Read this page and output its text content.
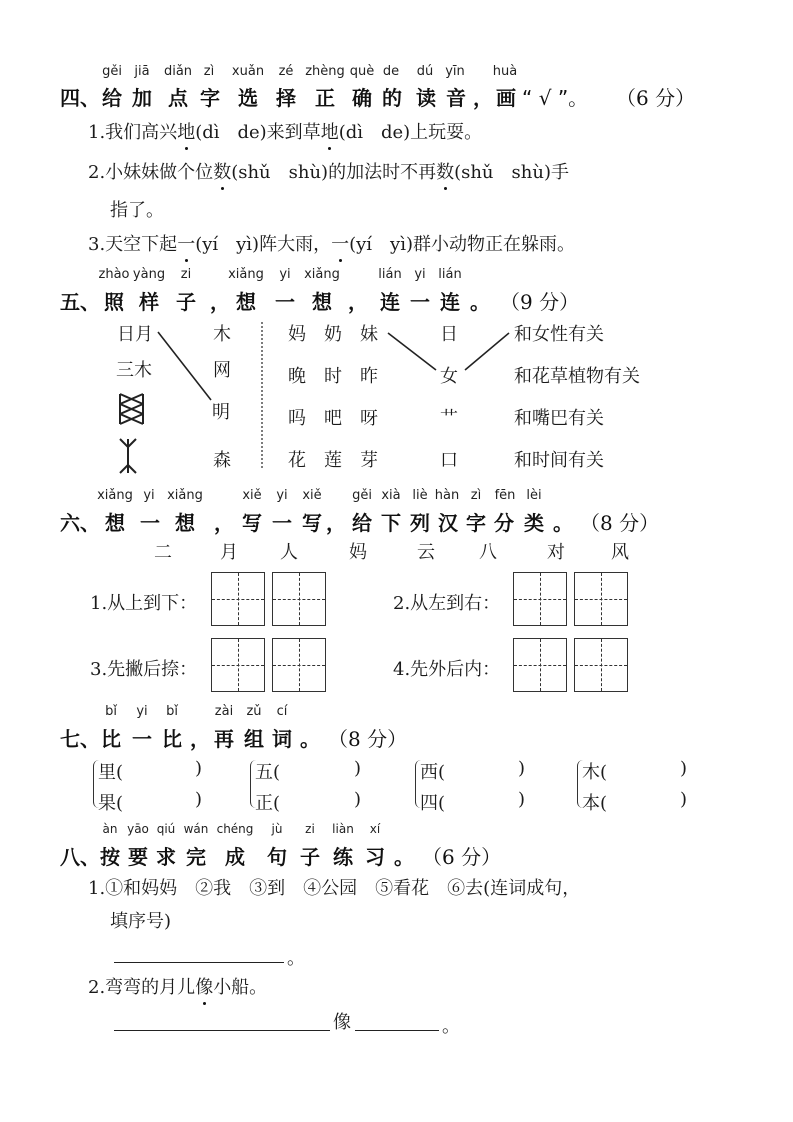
gěi jiā diǎn zì xuǎn zé zhèng què de dú yīn huà
四、 给 加 点 字 选 择 正 确 的 读 音 ， 画 “ √ ”。 （6 分）
1.我们高兴地(dì　de)来到草地(dì　de)上玩耍。
2.小妹妹做个位数(shǔ　shù)的加法时不再数(shǔ　shù)手
指了。
3.天空下起一(yí　yì)阵大雨，一(yí　yì)群小动物正在躲雨。
zhào yàng zi	xiǎng yi xiǎng	lián yi lián
五、 照 样 子 ， 想 一 想 ， 连 一 连 。 （9 分）
日月
三木
木
网
明
森
妈　奶　妹
晚　时　昨
吗　吧　呀
花　莲　芽
日
女
艹
口
和女性有关
和花草植物有关
和嘴巴有关
和时间有关
xiǎng yi xiǎng	xiě yi xiě gěi xià liè hàn zì fēn lèi
六、 想 一 想 ， 写 一 写 ， 给 下 列 汉 字 分 类 。 （8 分）
二	月 人	妈	云 八	对	风
1.从上到下：	2.从左到右：
3.先撇后捺：	4.先外后内：
bǐ yi bǐ	zài zǔ cí
七、 比 一 比 ， 再 组 词 。 （8 分）
里(	)
果(	)
五(	)
正(	)
西(	)
四(	)
木(	)
本(	)
àn yāo qiú wán chéng jù zi liàn xí
八、 按 要 求 完 成 句 子 练 习 。 （6 分）
1.①和妈妈　②我　③到　④公园　⑤看花　⑥去(连词成句，
填序号)
。
2.弯弯的月儿像小船。
像	。
